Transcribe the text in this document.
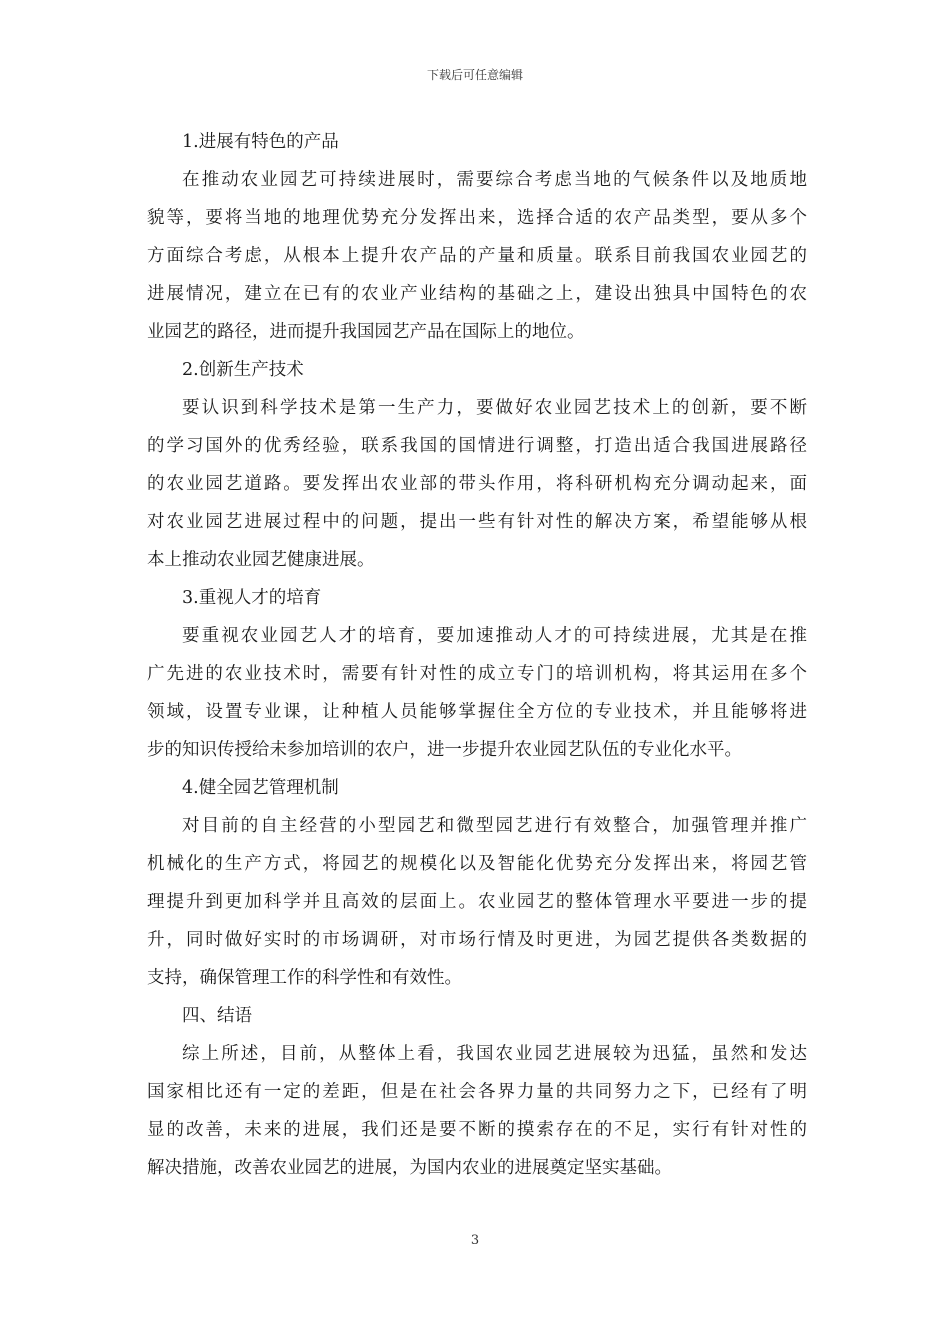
下载后可任意编辑
1.进展有特色的产品
在推动农业园艺可持续进展时，需要综合考虑当地的气候条件以及地质地
貌等，要将当地的地理优势充分发挥出来，选择合适的农产品类型，要从多个
方面综合考虑，从根本上提升农产品的产量和质量。联系目前我国农业园艺的
进展情况，建立在已有的农业产业结构的基础之上，建设出独具中国特色的农
业园艺的路径，进而提升我国园艺产品在国际上的地位。
2.创新生产技术
要认识到科学技术是第一生产力，要做好农业园艺技术上的创新，要不断
的学习国外的优秀经验，联系我国的国情进行调整，打造出适合我国进展路径
的农业园艺道路。要发挥出农业部的带头作用，将科研机构充分调动起来，面
对农业园艺进展过程中的问题，提出一些有针对性的解决方案，希望能够从根
本上推动农业园艺健康进展。
3.重视人才的培育
要重视农业园艺人才的培育，要加速推动人才的可持续进展，尤其是在推
广先进的农业技术时，需要有针对性的成立专门的培训机构，将其运用在多个
领域，设置专业课，让种植人员能够掌握住全方位的专业技术，并且能够将进
步的知识传授给未参加培训的农户，进一步提升农业园艺队伍的专业化水平。
4.健全园艺管理机制
对目前的自主经营的小型园艺和微型园艺进行有效整合，加强管理并推广
机械化的生产方式，将园艺的规模化以及智能化优势充分发挥出来，将园艺管
理提升到更加科学并且高效的层面上。农业园艺的整体管理水平要进一步的提
升，同时做好实时的市场调研，对市场行情及时更进，为园艺提供各类数据的
支持，确保管理工作的科学性和有效性。
四、结语
综上所述，目前，从整体上看，我国农业园艺进展较为迅猛，虽然和发达
国家相比还有一定的差距，但是在社会各界力量的共同努力之下，已经有了明
显的改善，未来的进展，我们还是要不断的摸索存在的不足，实行有针对性的
解决措施，改善农业园艺的进展，为国内农业的进展奠定坚实基础。
3
